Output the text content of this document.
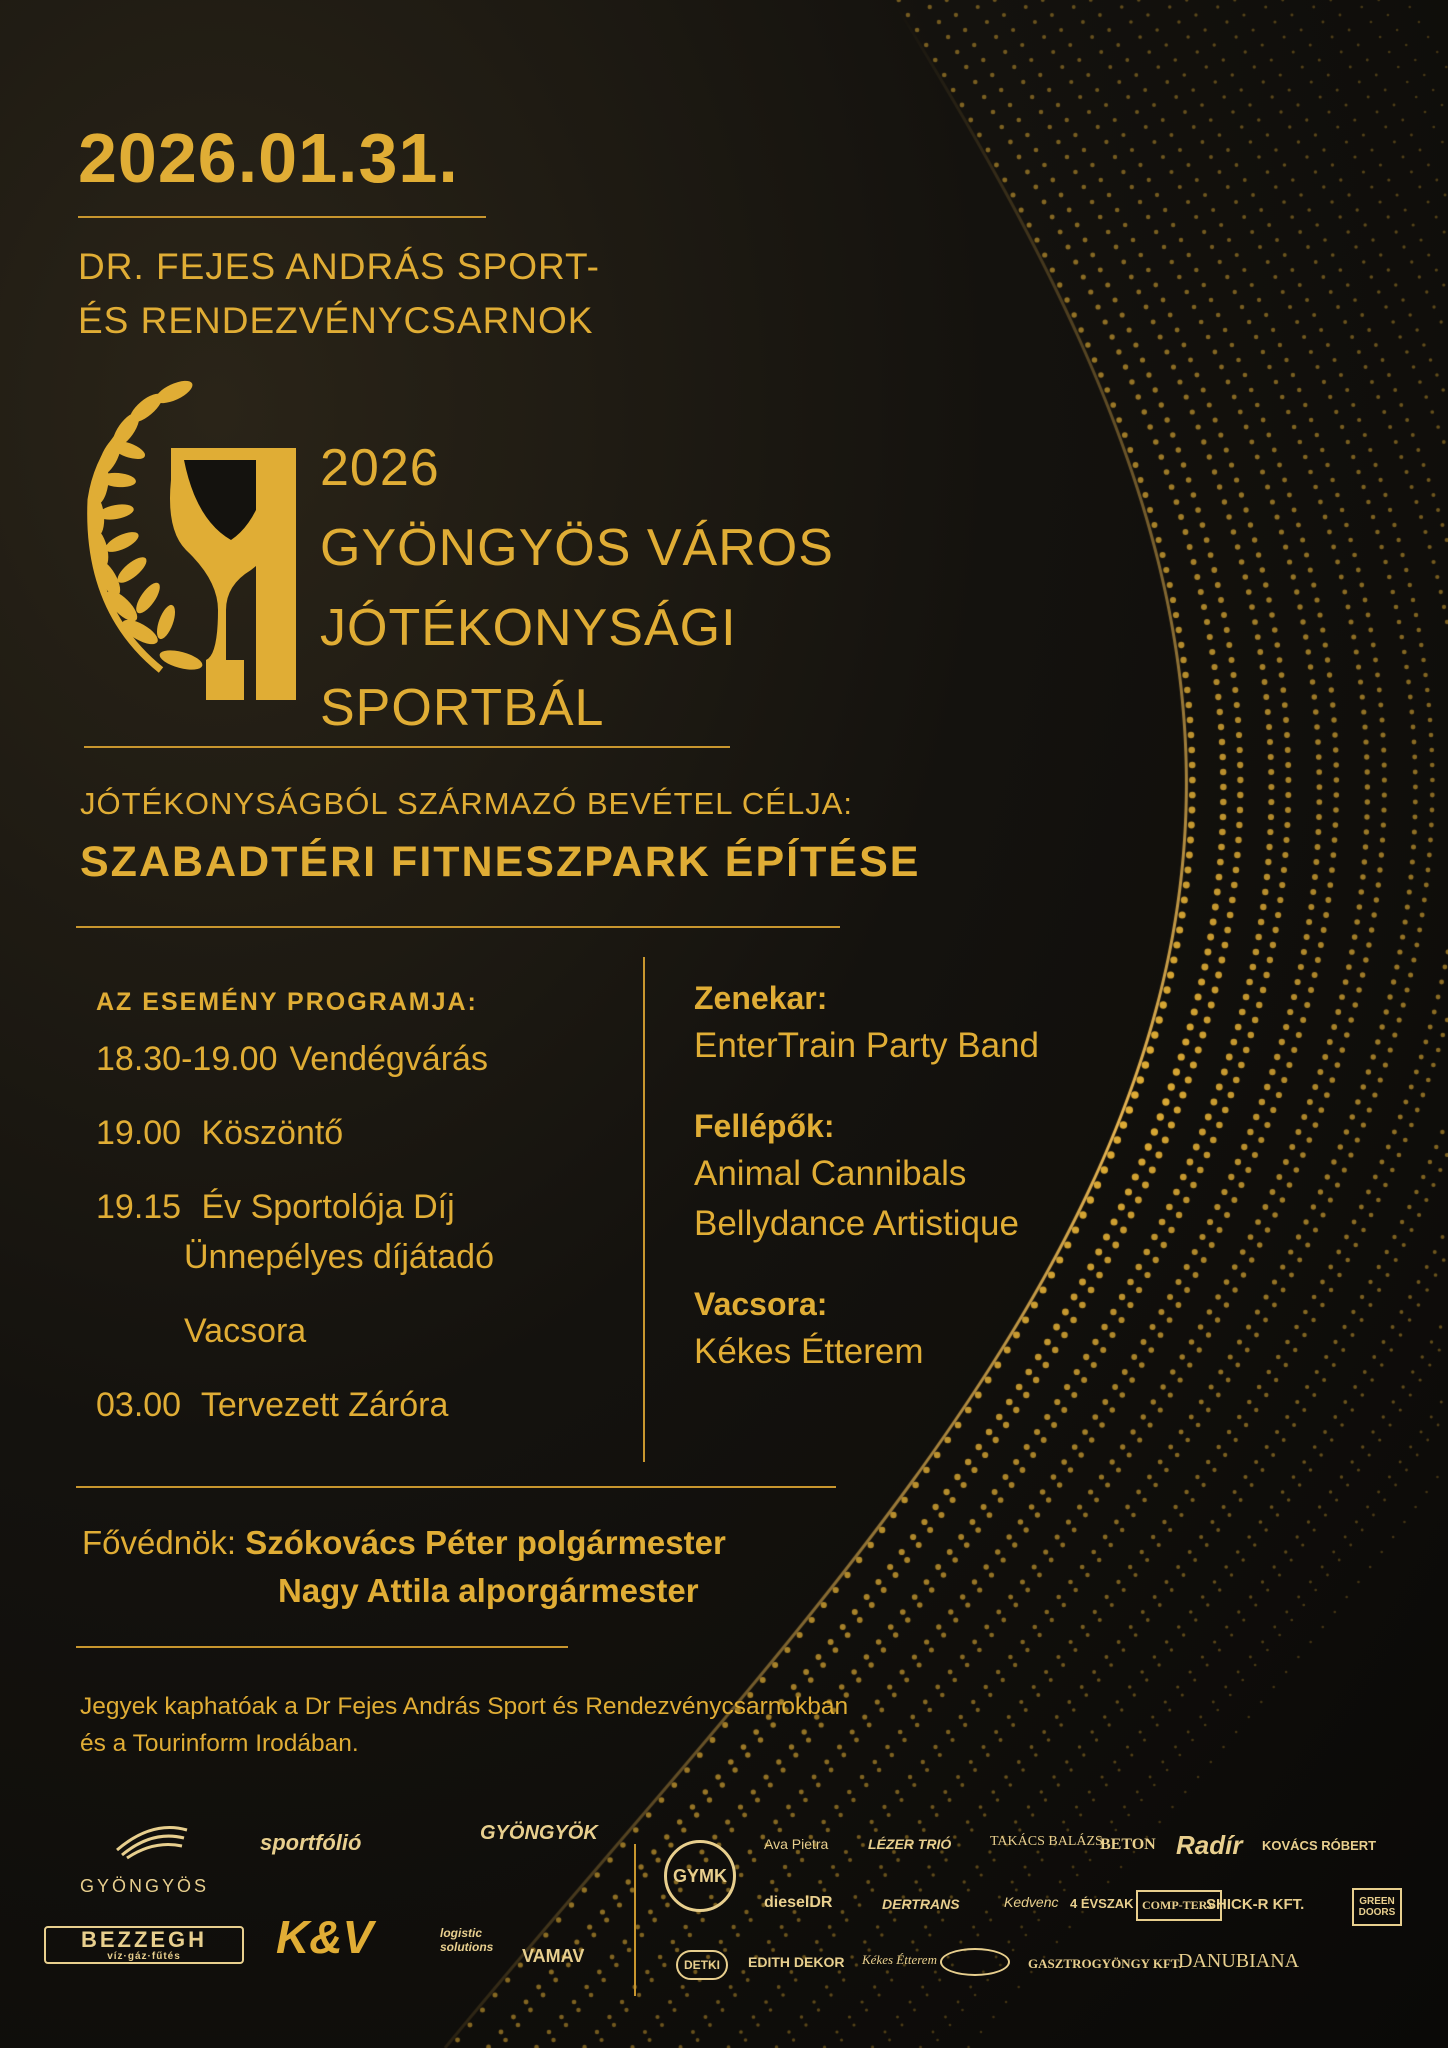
2026.01.31.
DR. FEJES ANDRÁS SPORT-
ÉS RENDEZVÉNYCSARNOK
2026
GYÖNGYÖS VÁROS
JÓTÉKONYSÁGI
SPORTBÁL
JÓTÉKONYSÁGBÓL SZÁRMAZÓ BEVÉTEL CÉLJA:
SZABADTÉRI FITNESZPARK ÉPÍTÉSE
AZ ESEMÉNY PROGRAMJA:
18.30-19.00 Vendégvárás
19.00 Köszöntő
19.15 Év Sportolója Díj
Ünnepélyes díjátadó
Vacsora
03.00 Tervezett Záróra
Zenekar:
EnterTrain Party Band
Fellépők:
Animal Cannibals
Bellydance Artistique
Vacsora:
Kékes Étterem
Fővédnök: Szókovács Péter polgármester
Nagy Attila alporgármester
Jegyek kaphatóak a Dr Fejes András Sport és Rendezvénycsarnokban
és a Tourinform Irodában.
GYÖNGYÖS
sportfólió	GYÖNGYÖK
BEZZEGH
víz·gáz·fűtés	K&V	logistic solutions	VAMAV
GYMK
Ava Pietra	LÉZER TRIÓ	TAKÁCS BALÁZS
BETON Radír KOVÁCS RÓBERT
dieselDR	DERTRANS	Kedvenc 4 ÉVSZAK COMP-TERV
SHICK-R KFT.	GREEN DOORS
DETKI	EDITH DEKOR Kékes Étterem	GASZTROGYÖNGY KFT.
DANUBIANA
